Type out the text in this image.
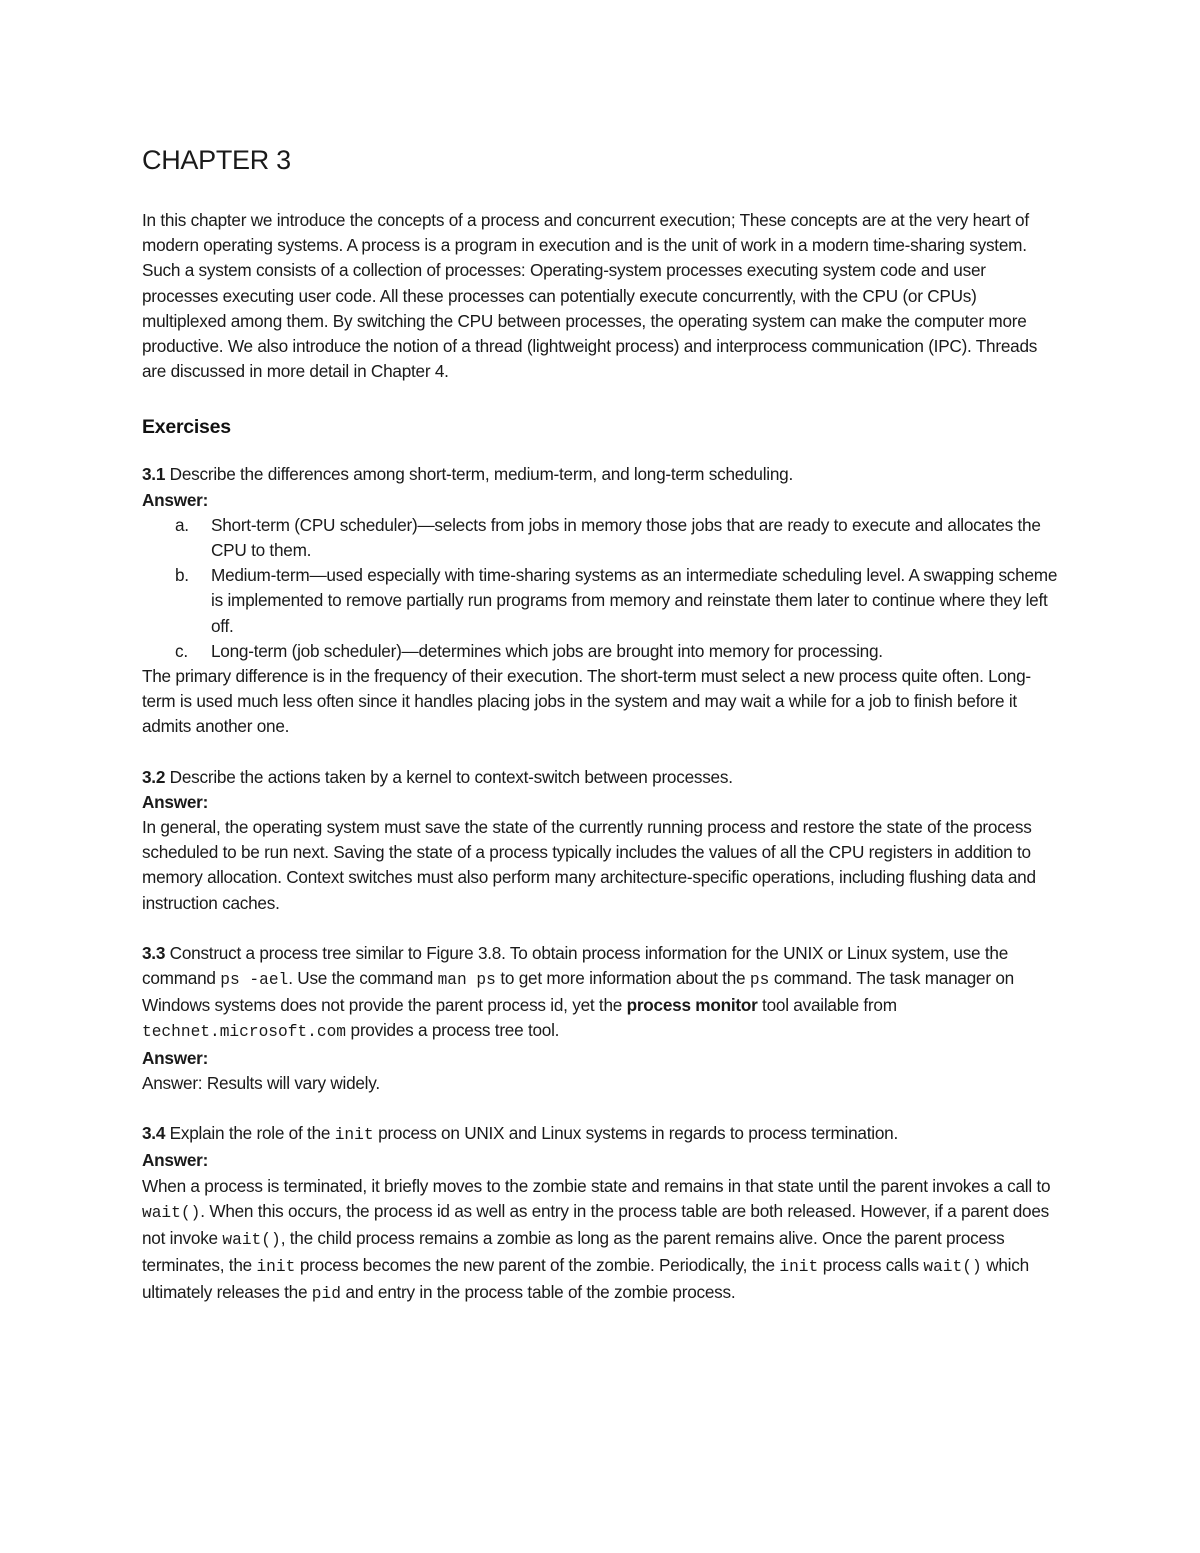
CHAPTER 3

In this chapter we introduce the concepts of a process and concurrent execution; These concepts are at the very heart of modern operating systems. A process is a program in execution and is the unit of work in a modern time-sharing system. Such a system consists of a collection of processes: Operating-system processes executing system code and user processes executing user code. All these processes can potentially execute concurrently, with the CPU (or CPUs) multiplexed among them. By switching the CPU between processes, the operating system can make the computer more productive. We also introduce the notion of a thread (lightweight process) and interprocess communication (IPC). Threads are discussed in more detail in Chapter 4.

Exercises

3.1 Describe the differences among short-term, medium-term, and long-term scheduling.

Answer:
a. Short-term (CPU scheduler)—selects from jobs in memory those jobs that are ready to execute and allocates the CPU to them.
b. Medium-term—used especially with time-sharing systems as an intermediate scheduling level. A swapping scheme is implemented to remove partially run programs from memory and reinstate them later to continue where they left off.
c. Long-term (job scheduler)—determines which jobs are brought into memory for processing.

The primary difference is in the frequency of their execution. The short-term must select a new process quite often. Long-term is used much less often since it handles placing jobs in the system and may wait a while for a job to finish before it admits another one.

3.2 Describe the actions taken by a kernel to context-switch between processes.

Answer:

In general, the operating system must save the state of the currently running process and restore the state of the process scheduled to be run next. Saving the state of a process typically includes the values of all the CPU registers in addition to memory allocation. Context switches must also perform many architecture-specific operations, including flushing data and instruction caches.

3.3 Construct a process tree similar to Figure 3.8. To obtain process information for the UNIX or Linux system, use the command ps -ael. Use the command man ps to get more information about the ps command. The task manager on Windows systems does not provide the parent process id, yet the process monitor tool available from technet.microsoft.com provides a process tree tool.

Answer:

Answer: Results will vary widely.

3.4 Explain the role of the init process on UNIX and Linux systems in regards to process termination.

Answer:

When a process is terminated, it briefly moves to the zombie state and remains in that state until the parent invokes a call to wait(). When this occurs, the process id as well as entry in the process table are both released. However, if a parent does not invoke wait(), the child process remains a zombie as long as the parent remains alive. Once the parent process terminates, the init process becomes the new parent of the zombie. Periodically, the init process calls wait() which ultimately releases the pid and entry in the process table of the zombie process.
